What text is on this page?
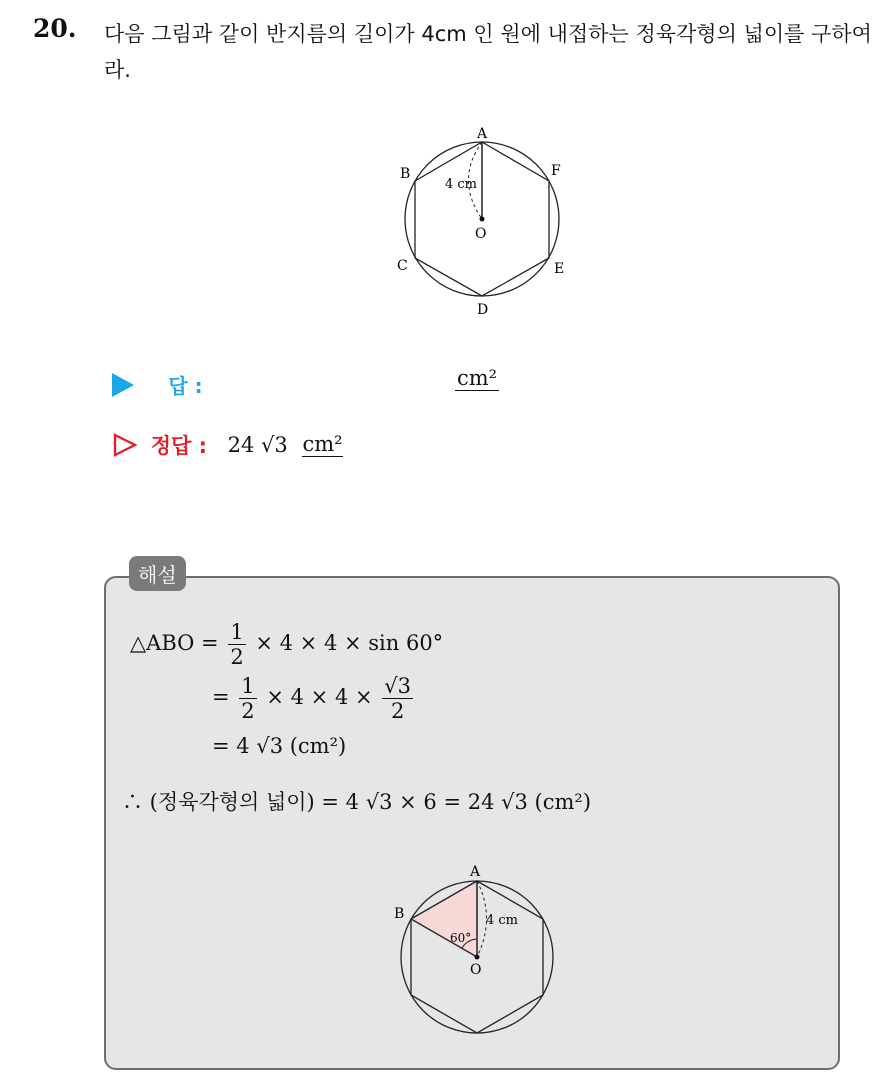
20. 다음 그림과 같이 반지름의 길이가 4cm 인 원에 내접하는 정육각형의 넓이를 구하여라.
A
B	F
C	E
D
O
4 cm
답 :	cm²
정답 : 24 √3 cm²
해설
△ABO = $\frac{1}{2} \times 4 \times 4 \times \sin 60^\circ$
= $\frac{1}{2} \times 4 \times 4 \times \frac{√3}{2}$
= 4 √3 (cm²)
∴ (정육각형의 넓이) = 4 √3 × 6 = 24 √3 (cm²)
A
B
O
4 cm
60°
